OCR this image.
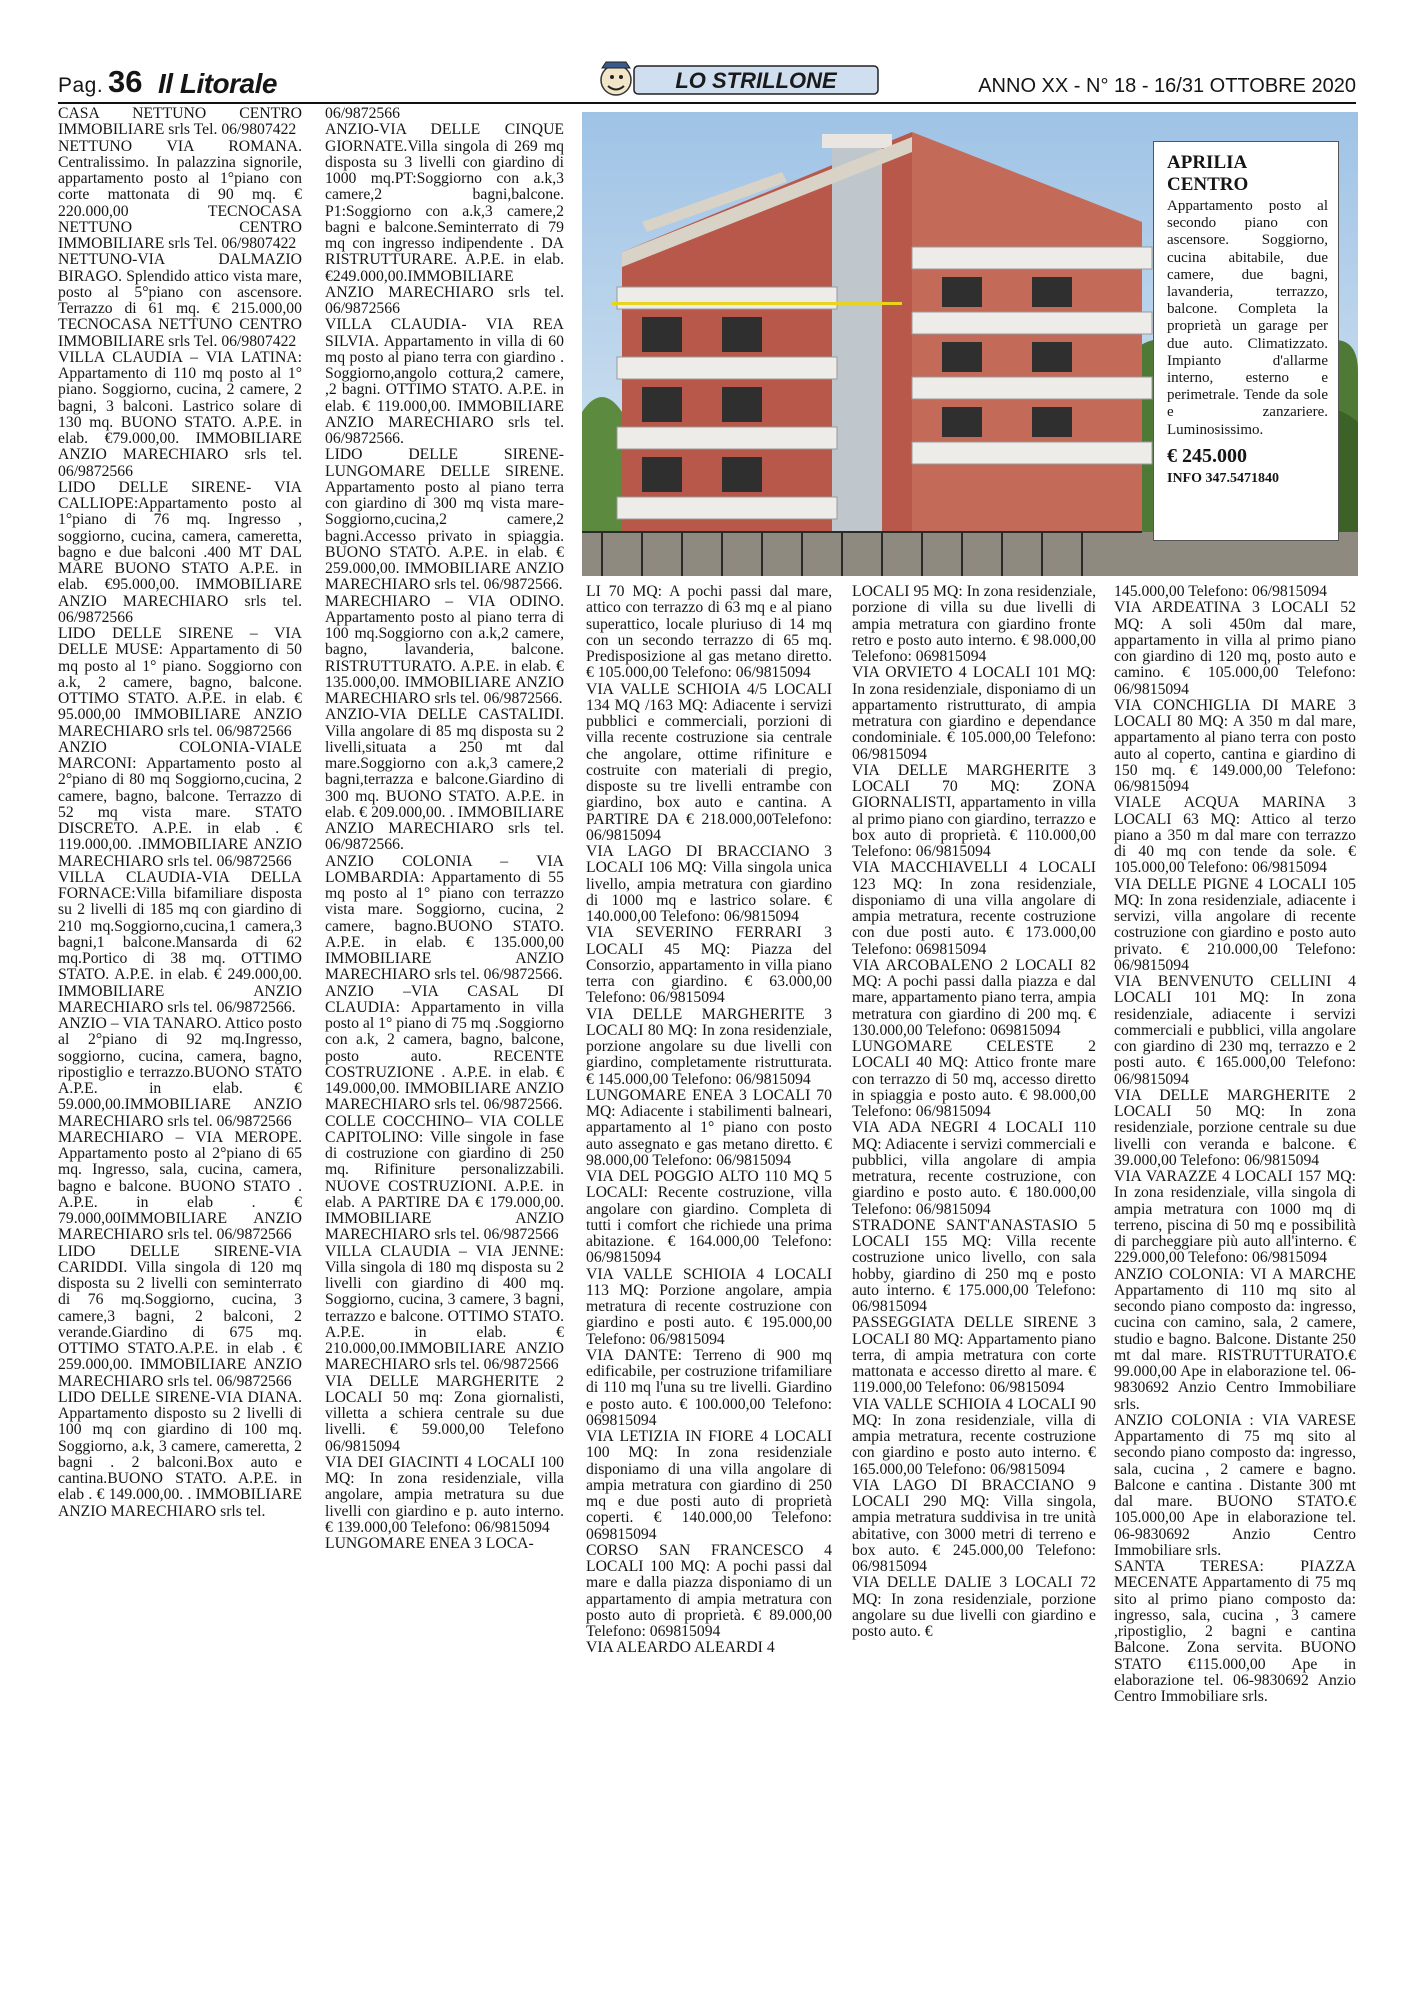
Pag. 36 Il Litorale	LO STRILLONE	ANNO XX - N° 18 - 16/31 OTTOBRE 2020

CASA NETTUNO CENTRO IMMOBILIARE srls Tel. 06/9807422

NETTUNO VIA ROMANA. Centralissimo. In palazzina signorile, appartamento posto al 1°piano con corte mattonata di 90 mq. € 220.000,00 TECNOCASA NETTUNO CENTRO IMMOBILIARE srls Tel. 06/9807422

NETTUNO-VIA DALMAZIO BIRAGO. Splendido attico vista mare, posto al 5°piano con ascensore. Terrazzo di 61 mq. € 215.000,00 TECNOCASA NETTUNO CENTRO IMMOBILIARE srls Tel. 06/9807422

VILLA CLAUDIA – VIA LATINA: Appartamento di 110 mq posto al 1° piano. Soggiorno, cucina, 2 camere, 2 bagni, 3 balconi. Lastrico solare di 130 mq. BUONO STATO. A.P.E. in elab. €79.000,00. IMMOBILIARE ANZIO MARECHIARO srls tel. 06/9872566

LIDO DELLE SIRENE- VIA CALLIOPE:Appartamento posto al 1°piano di 76 mq. Ingresso , soggiorno, cucina, camera, cameretta, bagno e due balconi .400 MT DAL MARE BUONO STATO A.P.E. in elab. €95.000,00. IMMOBILIARE ANZIO MARECHIARO srls tel. 06/9872566

LIDO DELLE SIRENE – VIA DELLE MUSE: Appartamento di 50 mq posto al 1° piano. Soggiorno con a.k, 2 camere, bagno, balcone. OTTIMO STATO. A.P.E. in elab. € 95.000,00 IMMOBILIARE ANZIO MARECHIARO srls tel. 06/9872566

ANZIO COLONIA-VIALE MARCONI: Appartamento posto al 2°piano di 80 mq Soggiorno,cucina, 2 camere, bagno, balcone. Terrazzo di 52 mq vista mare. STATO DISCRETO. A.P.E. in elab . € 119.000,00. .IMMOBILIARE ANZIO MARECHIARO srls tel. 06/9872566

VILLA CLAUDIA-VIA DELLA FORNACE:Villa bifamiliare disposta su 2 livelli di 185 mq con giardino di 210 mq.Soggiorno,cucina,1 camera,3 bagni,1 balcone.Mansarda di 62 mq.Portico di 38 mq. OTTIMO STATO. A.P.E. in elab. € 249.000,00. IMMOBILIARE ANZIO MARECHIARO srls tel. 06/9872566.

ANZIO – VIA TANARO. Attico posto al 2°piano di 92 mq.Ingresso, soggiorno, cucina, camera, bagno, ripostiglio e terrazzo.BUONO STATO A.P.E. in elab. € 59.000,00.IMMOBILIARE ANZIO MARECHIARO srls tel. 06/9872566

MARECHIARO – VIA MEROPE. Appartamento posto al 2°piano di 65 mq. Ingresso, sala, cucina, camera, bagno e balcone. BUONO STATO . A.P.E. in elab . € 79.000,00IMMOBILIARE ANZIO MARECHIARO srls tel. 06/9872566

LIDO DELLE SIRENE-VIA CARIDDI. Villa singola di 120 mq disposta su 2 livelli con seminterrato di 76 mq.Soggiorno, cucina, 3 camere,3 bagni, 2 balconi, 2 verande.Giardino di 675 mq. OTTIMO STATO.A.P.E. in elab . € 259.000,00. IMMOBILIARE ANZIO MARECHIARO srls tel. 06/9872566

LIDO DELLE SIRENE-VIA DIANA. Appartamento disposto su 2 livelli di 100 mq con giardino di 100 mq. Soggiorno, a.k, 3 camere, cameretta, 2 bagni . 2 balconi.Box auto e cantina.BUONO STATO. A.P.E. in elab . € 149.000,00. . IMMOBILIARE ANZIO MARECHIARO srls tel.

06/9872566

ANZIO-VIA DELLE CINQUE GIORNATE.Villa singola di 269 mq disposta su 3 livelli con giardino di 1000 mq.PT:Soggiorno con a.k,3 camere,2 bagni,balcone. P1:Soggiorno con a.k,3 camere,2 bagni e balcone.Seminterrato di 79 mq con ingresso indipendente . DA RISTRUTTURARE. A.P.E. in elab. €249.000,00.IMMOBILIARE ANZIO MARECHIARO srls tel. 06/9872566

VILLA CLAUDIA- VIA REA SILVIA. Appartamento in villa di 60 mq posto al piano terra con giardino . Soggiorno,angolo cottura,2 camere, ,2 bagni. OTTIMO STATO. A.P.E. in elab. € 119.000,00. IMMOBILIARE ANZIO MARECHIARO srls tel. 06/9872566.

LIDO DELLE SIRENE-LUNGOMARE DELLE SIRENE. Appartamento posto al piano terra con giardino di 300 mq vista mare-Soggiorno,cucina,2 camere,2 bagni.Accesso privato in spiaggia. BUONO STATO. A.P.E. in elab. € 259.000,00. IMMOBILIARE ANZIO MARECHIARO srls tel. 06/9872566.

MARECHIARO – VIA ODINO. Appartamento posto al piano terra di 100 mq.Soggiorno con a.k,2 camere, bagno, lavanderia, balcone. RISTRUTTURATO. A.P.E. in elab. € 135.000,00. IMMOBILIARE ANZIO MARECHIARO srls tel. 06/9872566.

ANZIO-VIA DELLE CASTALIDI. Villa angolare di 85 mq disposta su 2 livelli,situata a 250 mt dal mare.Soggiorno con a.k,3 camere,2 bagni,terrazza e balcone.Giardino di 300 mq. BUONO STATO. A.P.E. in elab. € 209.000,00. . IMMOBILIARE ANZIO MARECHIARO srls tel. 06/9872566.

ANZIO COLONIA – VIA LOMBARDIA: Appartamento di 55 mq posto al 1° piano con terrazzo vista mare. Soggiorno, cucina, 2 camere, bagno.BUONO STATO. A.P.E. in elab. € 135.000,00 IMMOBILIARE ANZIO MARECHIARO srls tel. 06/9872566.

ANZIO –VIA CASAL DI CLAUDIA: Appartamento in villa posto al 1° piano di 75 mq .Soggiorno con a.k, 2 camera, bagno, balcone, posto auto. RECENTE COSTRUZIONE . A.P.E. in elab. € 149.000,00. IMMOBILIARE ANZIO MARECHIARO srls tel. 06/9872566.

COLLE COCCHINO– VIA COLLE CAPITOLINO: Ville singole in fase di costruzione con giardino di 250 mq. Rifiniture personalizzabili. NUOVE COSTRUZIONI. A.P.E. in elab. A PARTIRE DA € 179.000,00. IMMOBILIARE ANZIO MARECHIARO srls tel. 06/9872566

VILLA CLAUDIA – VIA JENNE: Villa singola di 180 mq disposta su 2 livelli con giardino di 400 mq. Soggiorno, cucina, 3 camere, 3 bagni, terrazzo e balcone. OTTIMO STATO. A.P.E. in elab. € 210.000,00.IMMOBILIARE ANZIO MARECHIARO srls tel. 06/9872566

VIA DELLE MARGHERITE 2 LOCALI 50 mq: Zona giornalisti, villetta a schiera centrale su due livelli. € 59.000,00 Telefono 06/9815094

VIA DEI GIACINTI 4 LOCALI 100 MQ: In zona residenziale, villa angolare, ampia metratura su due livelli con giardino e p. auto interno. € 139.000,00 Telefono: 06/9815094

LUNGOMARE ENEA 3 LOCA-

APRILIA
CENTRO
Appartamento posto al secondo piano con ascensore. Soggiorno, cucina abitabile, due camere, due bagni, lavanderia, terrazzo, balcone. Completa la proprietà un garage per due auto. Climatizzato. Impianto d'allarme interno, esterno e perimetrale. Tende da sole e zanzariere. Luminosissimo.
€ 245.000
INFO 347.5471840

LI 70 MQ: A pochi passi dal mare, attico con terrazzo di 63 mq e al piano superattico, locale pluriuso di 14 mq con un secondo terrazzo di 65 mq. Predisposizione al gas metano diretto. € 105.000,00 Telefono: 06/9815094

VIA VALLE SCHIOIA 4/5 LOCALI 134 MQ /163 MQ: Adiacente i servizi pubblici e commerciali, porzioni di villa recente costruzione sia centrale che angolare, ottime rifiniture e costruite con materiali di pregio, disposte su tre livelli entrambe con giardino, box auto e cantina. A PARTIRE DA € 218.000,00Telefono: 06/9815094

VIA LAGO DI BRACCIANO 3 LOCALI 106 MQ: Villa singola unica livello, ampia metratura con giardino di 1000 mq e lastrico solare. € 140.000,00 Telefono: 06/9815094

VIA SEVERINO FERRARI 3 LOCALI 45 MQ: Piazza del Consorzio, appartamento in villa piano terra con giardino. € 63.000,00 Telefono: 06/9815094

VIA DELLE MARGHERITE 3 LOCALI 80 MQ: In zona residenziale, porzione angolare su due livelli con giardino, completamente ristrutturata. € 145.000,00 Telefono: 06/9815094

LUNGOMARE ENEA 3 LOCALI 70 MQ: Adiacente i stabilimenti balneari, appartamento al 1° piano con posto auto assegnato e gas metano diretto. € 98.000,00 Telefono: 06/9815094

VIA DEL POGGIO ALTO 110 MQ 5 LOCALI: Recente costruzione, villa angolare con giardino. Completa di tutti i comfort che richiede una prima abitazione. € 164.000,00 Telefono: 06/9815094

VIA VALLE SCHIOIA 4 LOCALI 113 MQ: Porzione angolare, ampia metratura di recente costruzione con giardino e posti auto. € 195.000,00 Telefono: 06/9815094

VIA DANTE: Terreno di 900 mq edificabile, per costruzione trifamiliare di 110 mq l'una su tre livelli. Giardino e posto auto. € 100.000,00 Telefono: 069815094

VIA LETIZIA IN FIORE 4 LOCALI 100 MQ: In zona residenziale disponiamo di una villa angolare di ampia metratura con giardino di 250 mq e due posti auto di proprietà coperti. € 140.000,00 Telefono: 069815094

CORSO SAN FRANCESCO 4 LOCALI 100 MQ: A pochi passi dal mare e dalla piazza disponiamo di un appartamento di ampia metratura con posto auto di proprietà. € 89.000,00 Telefono: 069815094

VIA ALEARDO ALEARDI 4

LOCALI 95 MQ: In zona residenziale, porzione di villa su due livelli di ampia metratura con giardino fronte retro e posto auto interno. € 98.000,00 Telefono: 069815094

VIA ORVIETO 4 LOCALI 101 MQ: In zona residenziale, disponiamo di un appartamento ristrutturato, di ampia metratura con giardino e dependance condominiale. € 105.000,00 Telefono: 06/9815094

VIA DELLE MARGHERITE 3 LOCALI 70 MQ: ZONA GIORNALISTI, appartamento in villa al primo piano con giardino, terrazzo e box auto di proprietà. € 110.000,00 Telefono: 06/9815094

VIA MACCHIAVELLI 4 LOCALI 123 MQ: In zona residenziale, disponiamo di una villa angolare di ampia metratura, recente costruzione con due posti auto. € 173.000,00 Telefono: 069815094

VIA ARCOBALENO 2 LOCALI 82 MQ: A pochi passi dalla piazza e dal mare, appartamento piano terra, ampia metratura con giardino di 200 mq. € 130.000,00 Telefono: 069815094

LUNGOMARE CELESTE 2 LOCALI 40 MQ: Attico fronte mare con terrazzo di 50 mq, accesso diretto in spiaggia e posto auto. € 98.000,00 Telefono: 06/9815094

VIA ADA NEGRI 4 LOCALI 110 MQ: Adiacente i servizi commerciali e pubblici, villa angolare di ampia metratura, recente costruzione, con giardino e posto auto. € 180.000,00 Telefono: 06/9815094

STRADONE SANT'ANASTASIO 5 LOCALI 155 MQ: Villa recente costruzione unico livello, con sala hobby, giardino di 250 mq e posto auto interno. € 175.000,00 Telefono: 06/9815094

PASSEGGIATA DELLE SIRENE 3 LOCALI 80 MQ: Appartamento piano terra, di ampia metratura con corte mattonata e accesso diretto al mare. € 119.000,00 Telefono: 06/9815094

VIA VALLE SCHIOIA 4 LOCALI 90 MQ: In zona residenziale, villa di ampia metratura, recente costruzione con giardino e posto auto interno. € 165.000,00 Telefono: 06/9815094

VIA LAGO DI BRACCIANO 9 LOCALI 290 MQ: Villa singola, ampia metratura suddivisa in tre unità abitative, con 3000 metri di terreno e box auto. € 245.000,00 Telefono: 06/9815094

VIA DELLE DALIE 3 LOCALI 72 MQ: In zona residenziale, porzione angolare su due livelli con giardino e posto auto. €

145.000,00 Telefono: 06/9815094

VIA ARDEATINA 3 LOCALI 52 MQ: A soli 450m dal mare, appartamento in villa al primo piano con giardino di 120 mq, posto auto e camino. € 105.000,00 Telefono: 06/9815094

VIA CONCHIGLIA DI MARE 3 LOCALI 80 MQ: A 350 m dal mare, appartamento al piano terra con posto auto al coperto, cantina e giardino di 150 mq. € 149.000,00 Telefono: 06/9815094

VIALE ACQUA MARINA 3 LOCALI 63 MQ: Attico al terzo piano a 350 m dal mare con terrazzo di 40 mq con tende da sole. € 105.000,00 Telefono: 06/9815094

VIA DELLE PIGNE 4 LOCALI 105 MQ: In zona residenziale, adiacente i servizi, villa angolare di recente costruzione con giardino e posto auto privato. € 210.000,00 Telefono: 06/9815094

VIA BENVENUTO CELLINI 4 LOCALI 101 MQ: In zona residenziale, adiacente i servizi commerciali e pubblici, villa angolare con giardino di 230 mq, terrazzo e 2 posti auto. € 165.000,00 Telefono: 06/9815094

VIA DELLE MARGHERITE 2 LOCALI 50 MQ: In zona residenziale, porzione centrale su due livelli con veranda e balcone. € 39.000,00 Telefono: 06/9815094

VIA VARAZZE 4 LOCALI 157 MQ: In zona residenziale, villa singola di ampia metratura con 1000 mq di terreno, piscina di 50 mq e possibilità di parcheggiare più auto all'interno. € 229.000,00 Telefono: 06/9815094

ANZIO COLONIA: VI A MARCHE Appartamento di 110 mq sito al secondo piano composto da: ingresso, cucina con camino, sala, 2 camere, studio e bagno. Balcone. Distante 250 mt dal mare. RISTRUTTURATO.€ 99.000,00 Ape in elaborazione tel. 06-9830692 Anzio Centro Immobiliare srls.

ANZIO COLONIA : VIA VARESE Appartamento di 75 mq sito al secondo piano composto da: ingresso, sala, cucina , 2 camere e bagno. Balcone e cantina . Distante 300 mt dal mare. BUONO STATO.€ 105.000,00 Ape in elaborazione tel. 06-9830692 Anzio Centro Immobiliare srls.

SANTA TERESA: PIAZZA MECENATE Appartamento di 75 mq sito al primo piano composto da: ingresso, sala, cucina , 3 camere ,ripostiglio, 2 bagni e cantina Balcone. Zona servita. BUONO STATO €115.000,00 Ape in elaborazione tel. 06-9830692 Anzio Centro Immobiliare srls.
